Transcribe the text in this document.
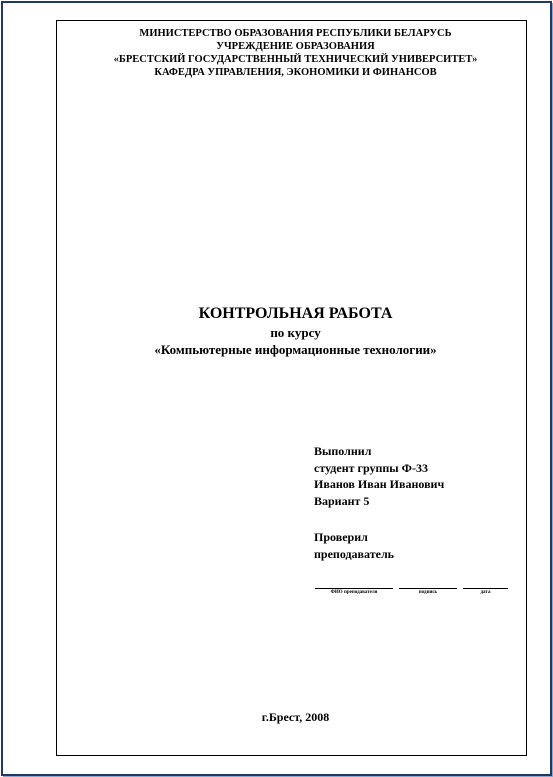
МИНИСТЕРСТВО ОБРАЗОВАНИЯ РЕСПУБЛИКИ БЕЛАРУСЬ
УЧРЕЖДЕНИЕ ОБРАЗОВАНИЯ
«БРЕСТСКИЙ ГОСУДАРСТВЕННЫЙ ТЕХНИЧЕСКИЙ УНИВЕРСИТЕТ»
КАФЕДРА УПРАВЛЕНИЯ, ЭКОНОМИКИ И ФИНАНСОВ
КОНТРОЛЬНАЯ РАБОТА
по курсу
«Компьютерные информационные технологии»
Выполнил
студент группы Ф-33
Иванов Иван Иванович
Вариант 5
Проверил
преподаватель
ФИО преподавателя	подпись	дата
г.Брест, 2008
